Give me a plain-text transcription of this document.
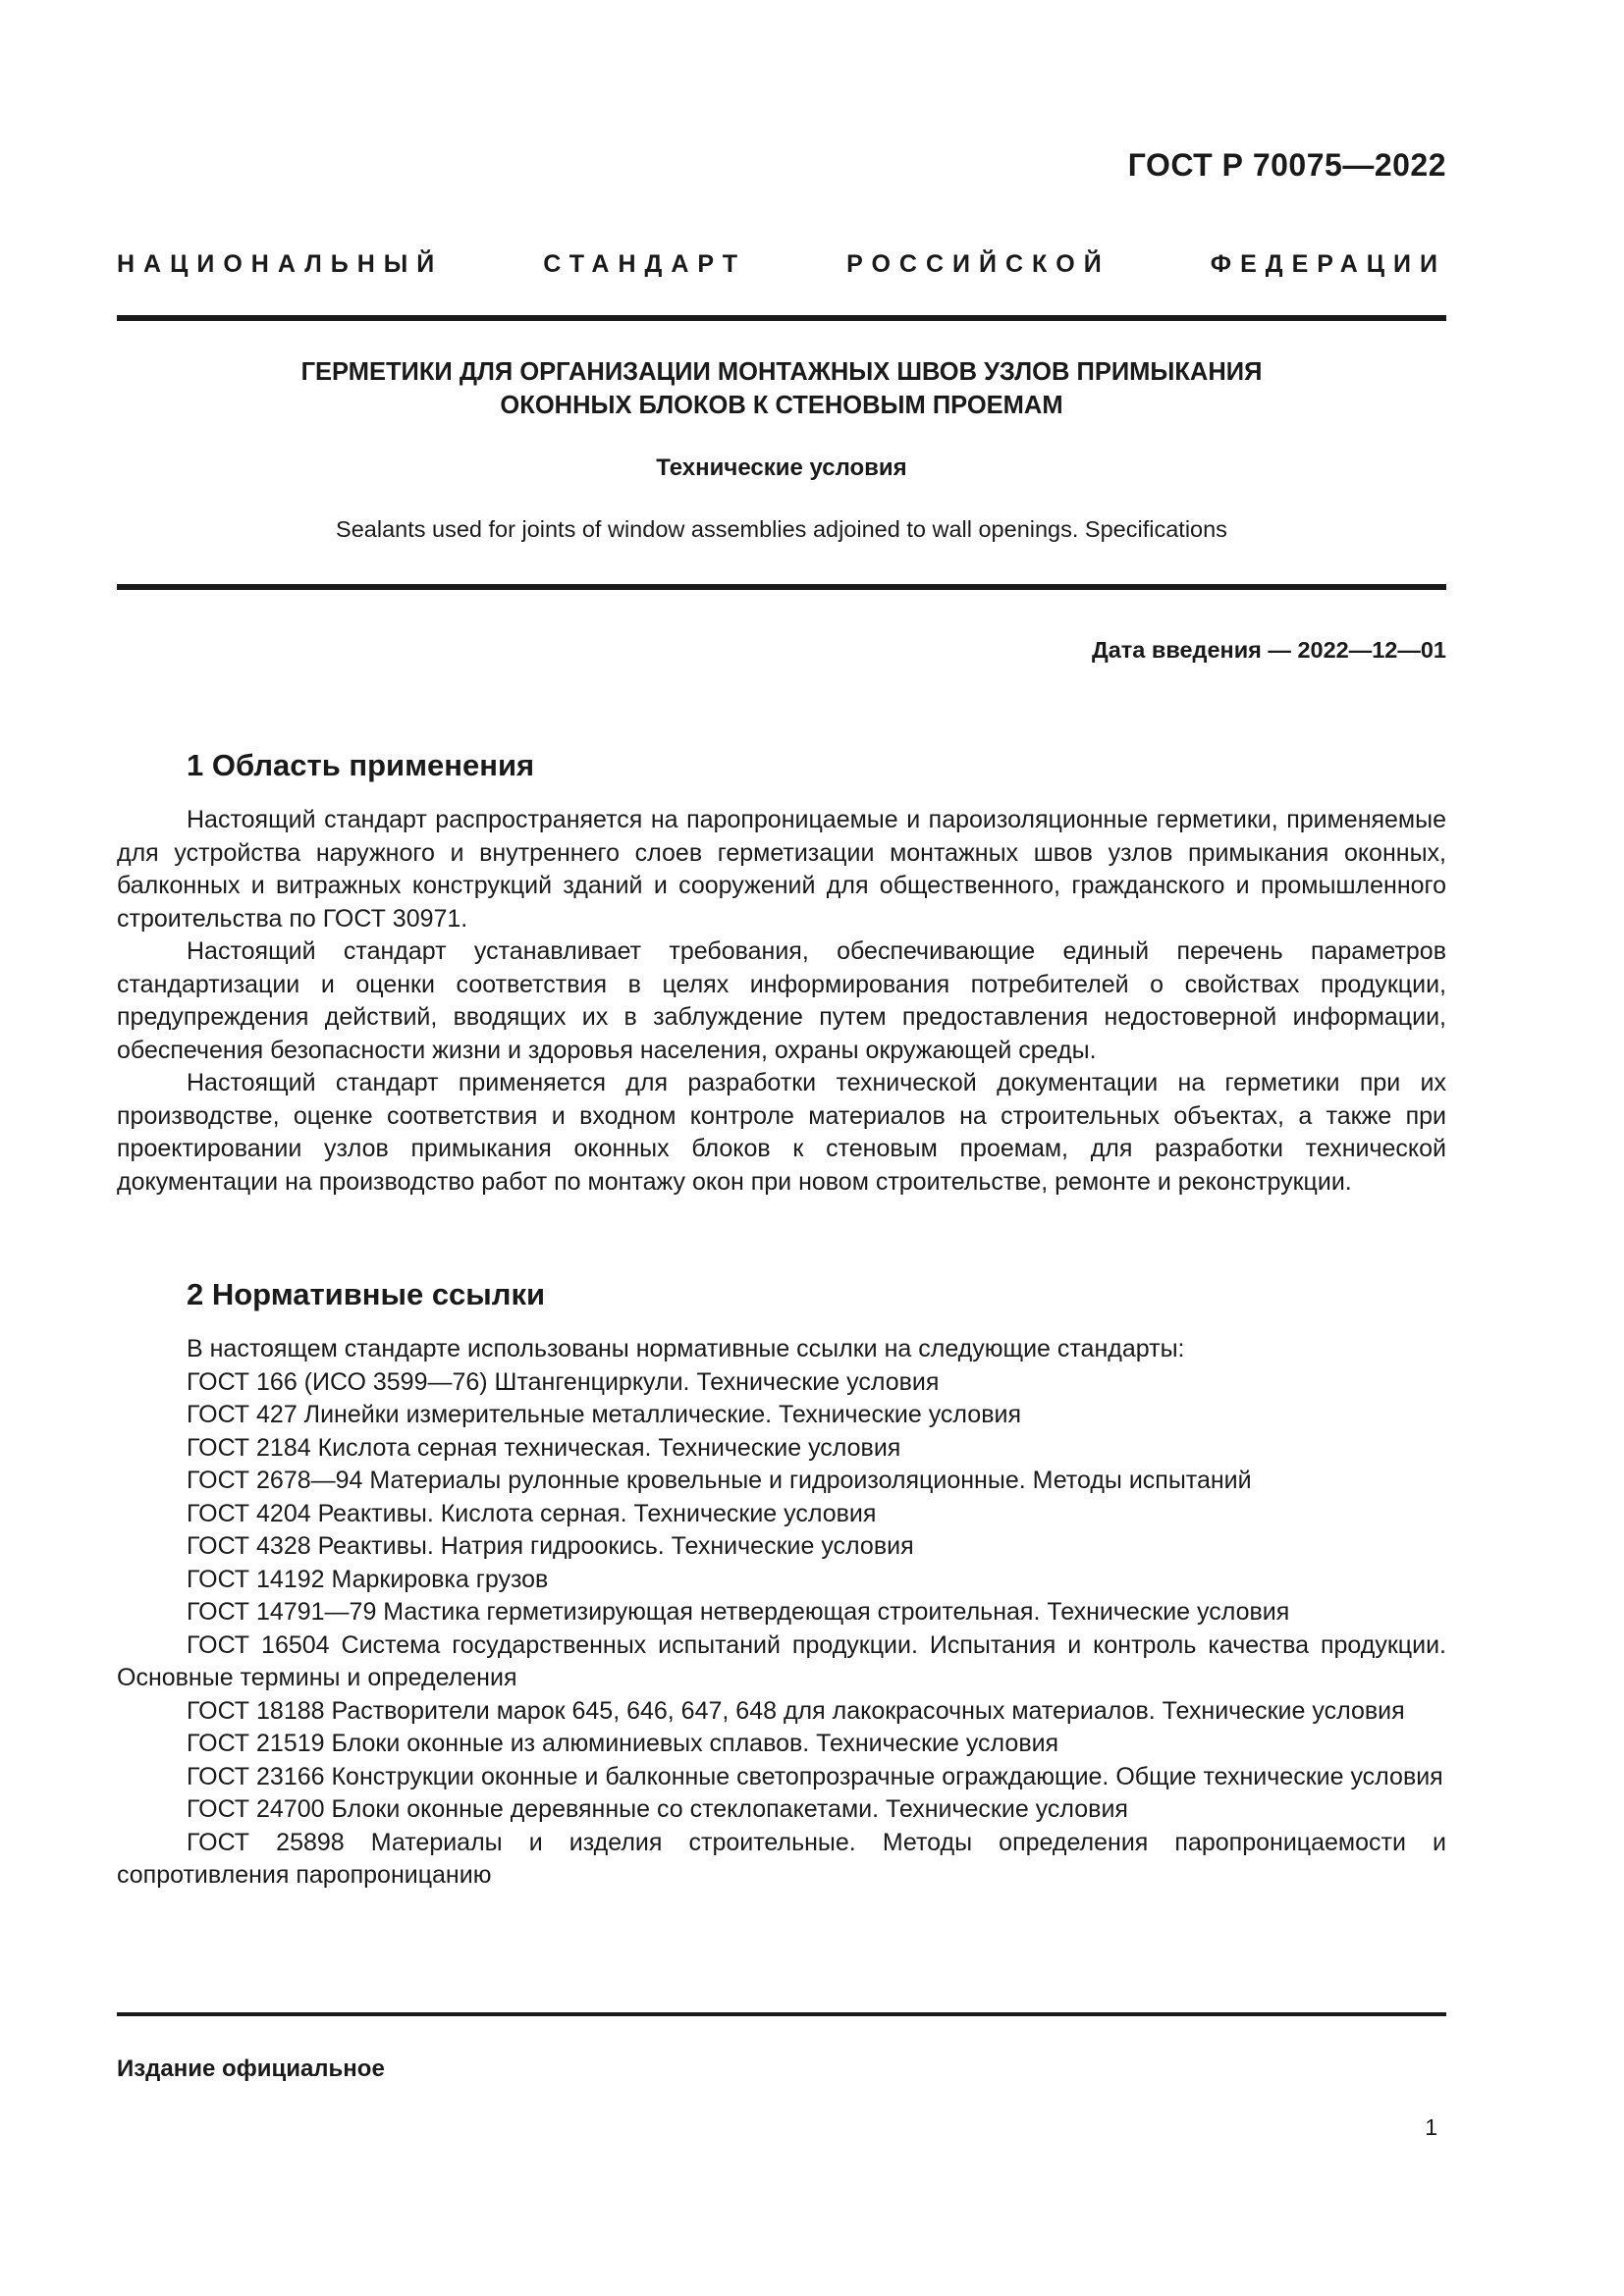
ГОСТ Р 70075—2022
НАЦИОНАЛЬНЫЙ СТАНДАРТ РОССИЙСКОЙ ФЕДЕРАЦИИ
ГЕРМЕТИКИ ДЛЯ ОРГАНИЗАЦИИ МОНТАЖНЫХ ШВОВ УЗЛОВ ПРИМЫКАНИЯ
ОКОННЫХ БЛОКОВ К СТЕНОВЫМ ПРОЕМАМ
Технические условия
Sealants used for joints of window assemblies adjoined to wall openings. Specifications
Дата введения — 2022—12—01
1 Область применения

Настоящий стандарт распространяется на паропроницаемые и пароизоляционные герметики, применяемые для устройства наружного и внутреннего слоев герметизации монтажных швов узлов примыкания оконных, балконных и витражных конструкций зданий и сооружений для общественного, гражданского и промышленного строительства по ГОСТ 30971.

Настоящий стандарт устанавливает требования, обеспечивающие единый перечень параметров стандартизации и оценки соответствия в целях информирования потребителей о свойствах продукции, предупреждения действий, вводящих их в заблуждение путем предоставления недостоверной информации, обеспечения безопасности жизни и здоровья населения, охраны окружающей среды.

Настоящий стандарт применяется для разработки технической документации на герметики при их производстве, оценке соответствия и входном контроле материалов на строительных объектах, а также при проектировании узлов примыкания оконных блоков к стеновым проемам, для разработки технической документации на производство работ по монтажу окон при новом строительстве, ремонте и реконструкции.

2 Нормативные ссылки

В настоящем стандарте использованы нормативные ссылки на следующие стандарты:

ГОСТ 166 (ИСО 3599—76) Штангенциркули. Технические условия

ГОСТ 427 Линейки измерительные металлические. Технические условия

ГОСТ 2184 Кислота серная техническая. Технические условия

ГОСТ 2678—94 Материалы рулонные кровельные и гидроизоляционные. Методы испытаний

ГОСТ 4204 Реактивы. Кислота серная. Технические условия

ГОСТ 4328 Реактивы. Натрия гидроокись. Технические условия

ГОСТ 14192 Маркировка грузов

ГОСТ 14791—79 Мастика герметизирующая нетвердеющая строительная. Технические условия

ГОСТ 16504 Система государственных испытаний продукции. Испытания и контроль качества продукции. Основные термины и определения

ГОСТ 18188 Растворители марок 645, 646, 647, 648 для лакокрасочных материалов. Технические условия

ГОСТ 21519 Блоки оконные из алюминиевых сплавов. Технические условия

ГОСТ 23166 Конструкции оконные и балконные светопрозрачные ограждающие. Общие технические условия

ГОСТ 24700 Блоки оконные деревянные со стеклопакетами. Технические условия

ГОСТ 25898 Материалы и изделия строительные. Методы определения паропроницаемости и сопротивления паропроницанию

Издание официальное
1
